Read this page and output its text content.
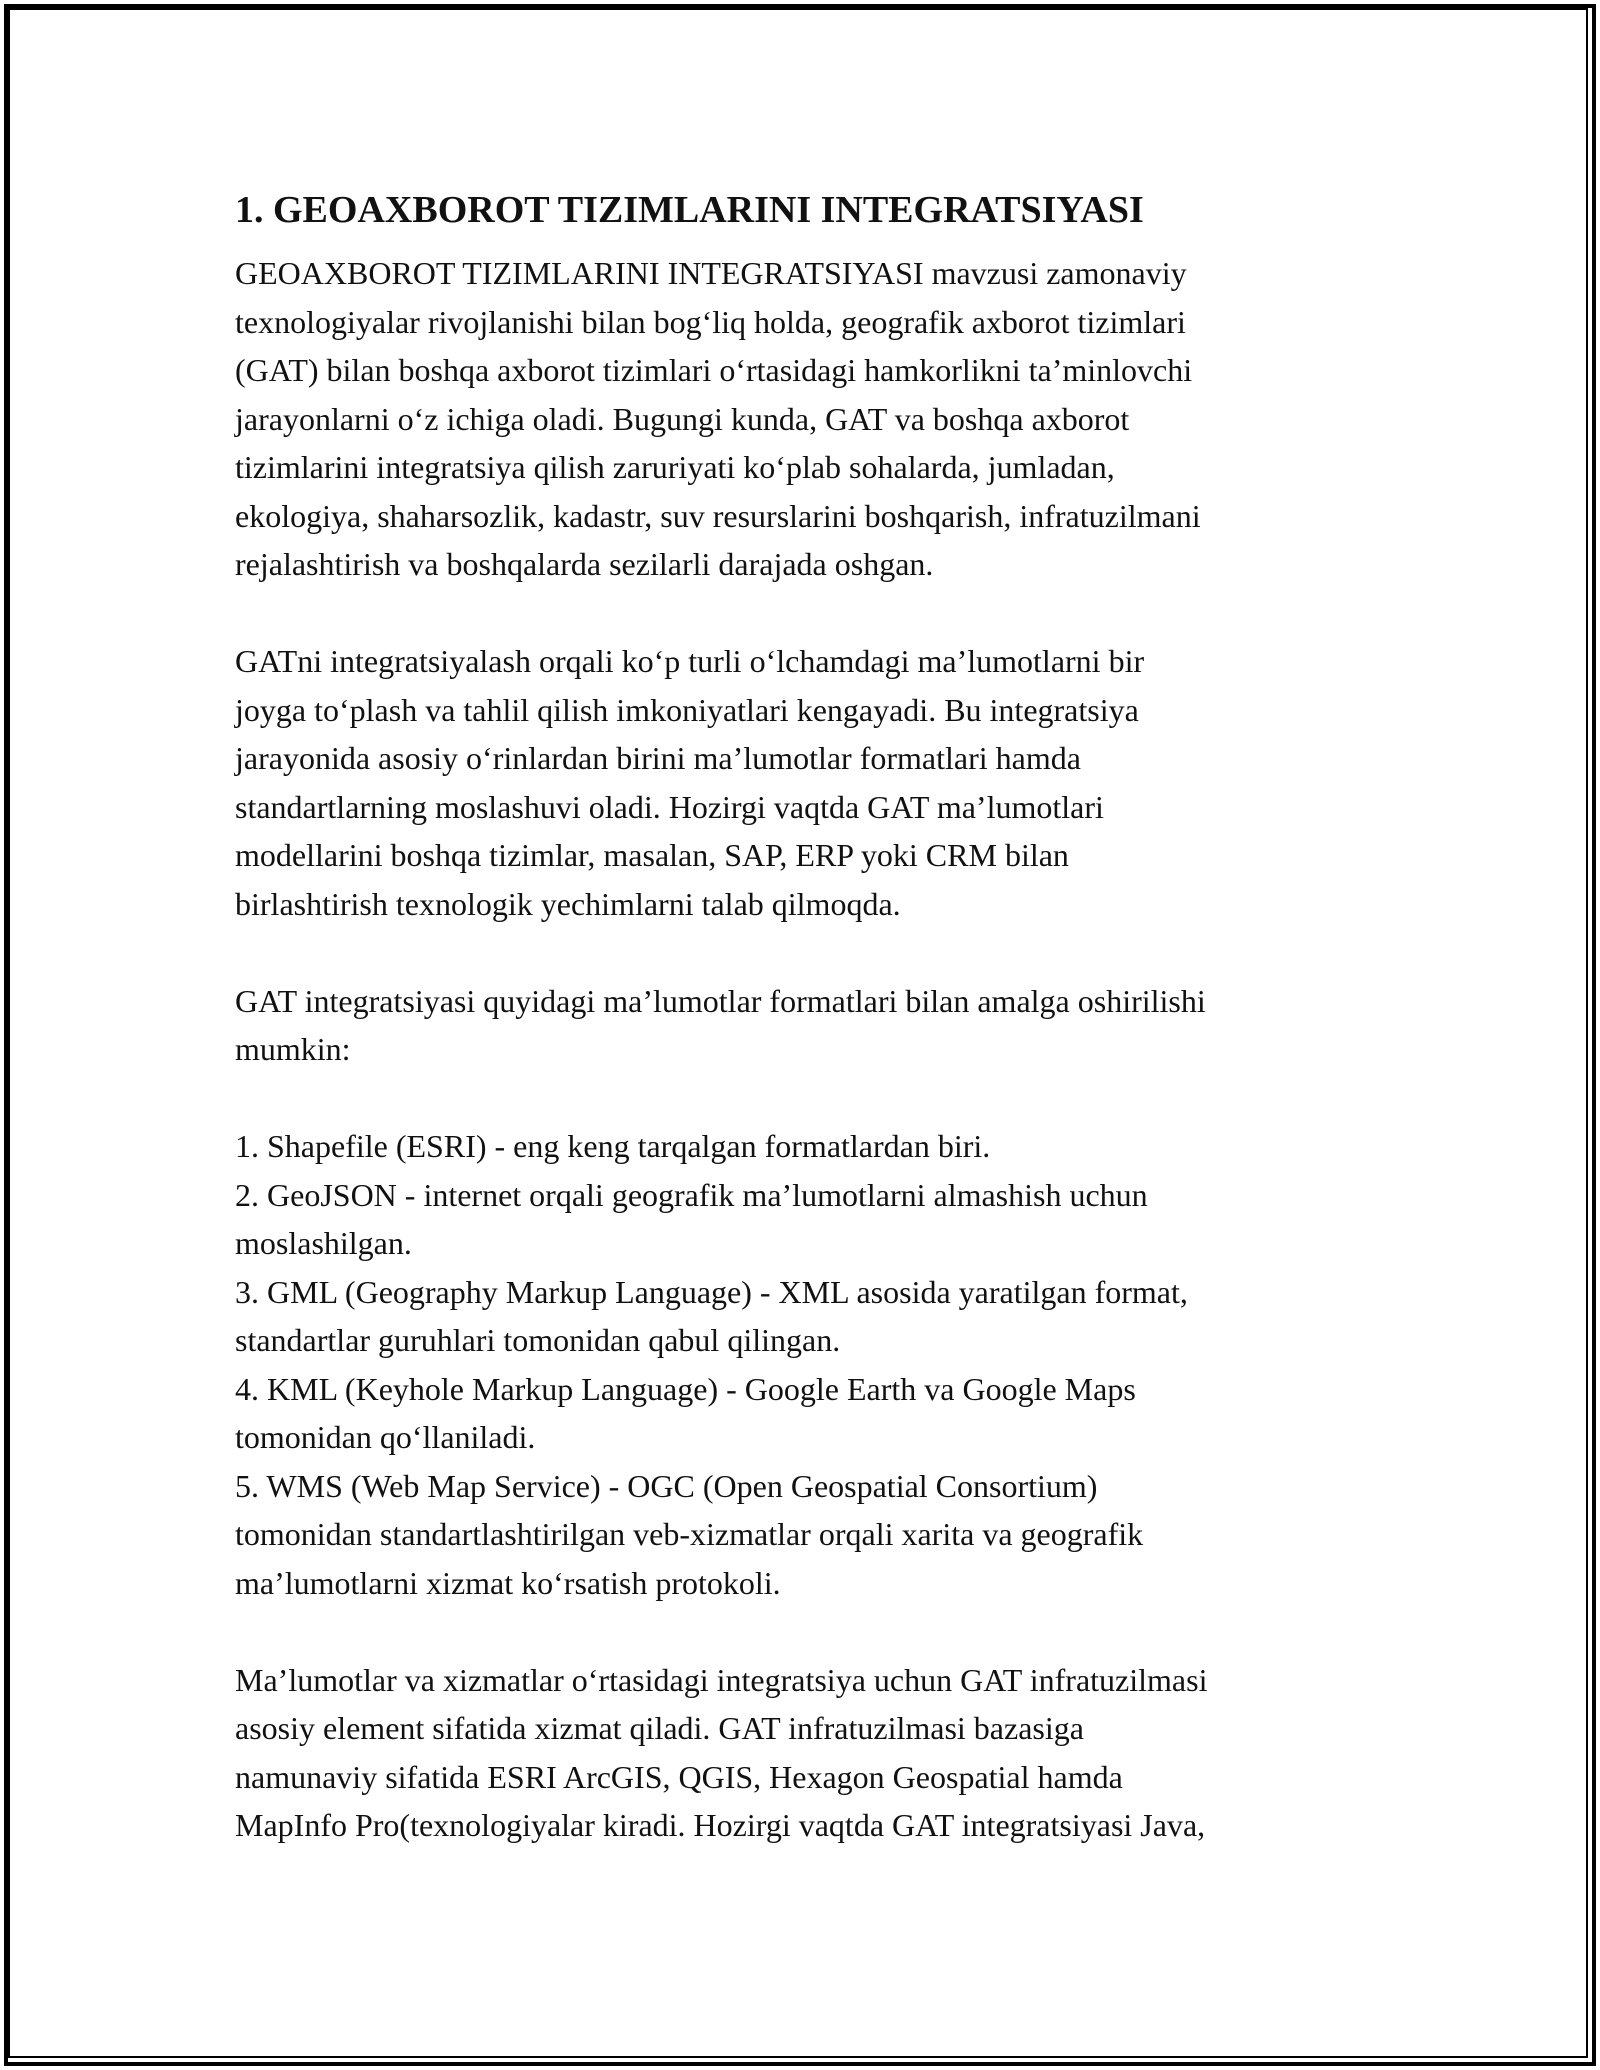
1. GEOAXBOROT TIZIMLARINI INTEGRATSIYASI
GEOAXBOROT TIZIMLARINI INTEGRATSIYASI mavzusi zamonaviy
texnologiyalar rivojlanishi bilan bog‘liq holda, geografik axborot tizimlari
(GAT) bilan boshqa axborot tizimlari o‘rtasidagi hamkorlikni ta’minlovchi
jarayonlarni o‘z ichiga oladi. Bugungi kunda, GAT va boshqa axborot
tizimlarini integratsiya qilish zaruriyati ko‘plab sohalarda, jumladan,
ekologiya, shaharsozlik, kadastr, suv resurslarini boshqarish, infratuzilmani
rejalashtirish va boshqalarda sezilarli darajada oshgan.
GATni integratsiyalash orqali ko‘p turli o‘lchamdagi ma’lumotlarni bir
joyga to‘plash va tahlil qilish imkoniyatlari kengayadi. Bu integratsiya
jarayonida asosiy o‘rinlardan birini ma’lumotlar formatlari hamda
standartlarning moslashuvi oladi. Hozirgi vaqtda GAT ma’lumotlari
modellarini boshqa tizimlar, masalan, SAP, ERP yoki CRM bilan
birlashtirish texnologik yechimlarni talab qilmoqda.
GAT integratsiyasi quyidagi ma’lumotlar formatlari bilan amalga oshirilishi
mumkin:
1. Shapefile (ESRI) - eng keng tarqalgan formatlardan biri.
2. GeoJSON - internet orqali geografik ma’lumotlarni almashish uchun
moslashilgan.
3. GML (Geography Markup Language) - XML asosida yaratilgan format,
standartlar guruhlari tomonidan qabul qilingan.
4. KML (Keyhole Markup Language) - Google Earth va Google Maps
tomonidan qo‘llaniladi.
5. WMS (Web Map Service) - OGC (Open Geospatial Consortium)
tomonidan standartlashtirilgan veb-xizmatlar orqali xarita va geografik
ma’lumotlarni xizmat ko‘rsatish protokoli.
Ma’lumotlar va xizmatlar o‘rtasidagi integratsiya uchun GAT infratuzilmasi
asosiy element sifatida xizmat qiladi. GAT infratuzilmasi bazasiga
namunaviy sifatida ESRI ArcGIS, QGIS, Hexagon Geospatial hamda
MapInfo Pro(texnologiyalar kiradi. Hozirgi vaqtda GAT integratsiyasi Java,
